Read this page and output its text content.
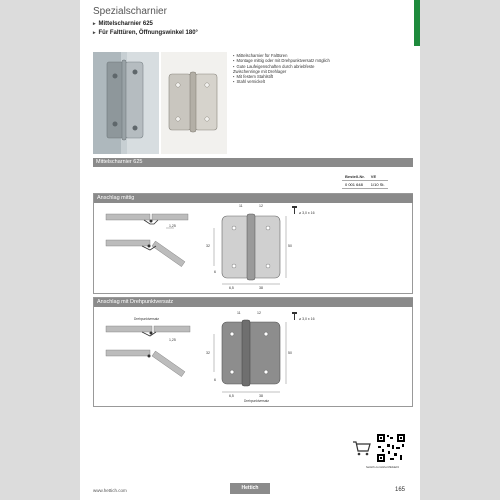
Spezialscharnier
▸ Mittelscharnier 625
▸ Für Falttüren, Öffnungswinkel 180°
▪ Mittelscharnier für Falttüren
▪ Montage mittig oder mit Drehpunktversatz möglich
▪ Gute Laufeigenschaften durch abriebfeste Zwischenringe mit Drehlager
▪ Mit festem Stahlstift
▪ Stahl vernickelt
Mittelscharnier 625
Bestell-Nr.	VE
0 001 648	1/10 St.
Anschlag mittig
1,25
11	12
32	50
6
6,5	38
⌀ 3,0 x 16
Anschlag mit Drehpunktversatz
Drehpunktversatz
1,25
11	12
32	50
6
6,5	38
Drehpunktversatz
⌀ 3,0 x 16
hettich.com/short/9ddef4
www.hettich.com	Hettich	165
